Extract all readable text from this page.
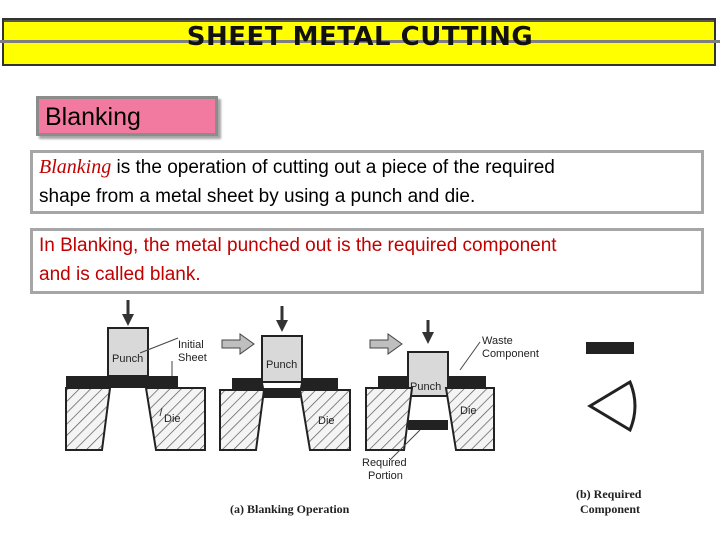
SHEET METAL CUTTING
Blanking
Blanking is the operation of cutting out a piece of the required
shape from a metal sheet by using a punch and die.
In Blanking, the metal punched out is the required component
and is called blank.
Punch
Initial
Sheet
Die
Punch
Die
Waste
Component
Punch
Die
Required
Portion
(a) Blanking Operation
(b) Required
Component
